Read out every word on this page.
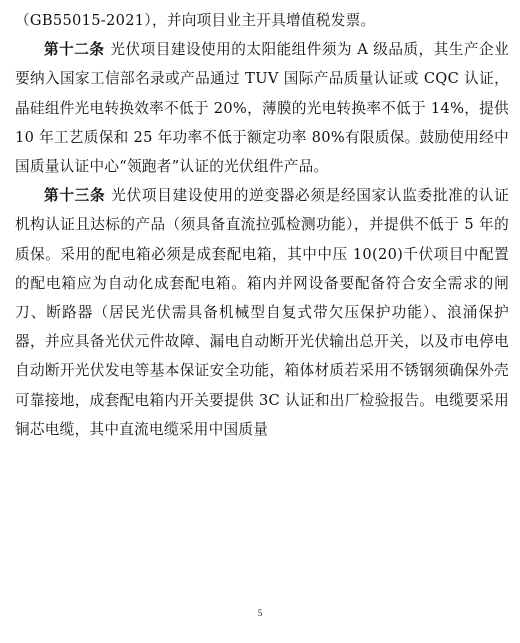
（GB55015-2021），并向项目业主开具增值税发票。

第十二条 光伏项目建设使用的太阳能组件须为 A 级品质，其生产企业要纳入国家工信部名录或产品通过 TUV 国际产品质量认证或 CQC 认证，晶硅组件光电转换效率不低于 20%，薄膜的光电转换率不低于 14%，提供 10 年工艺质保和 25 年功率不低于额定功率 80%有限质保。鼓励使用经中国质量认证中心“领跑者”认证的光伏组件产品。

第十三条 光伏项目建设使用的逆变器必须是经国家认监委批准的认证机构认证且达标的产品（须具备直流拉弧检测功能），并提供不低于 5 年的质保。采用的配电箱必须是成套配电箱，其中中压 10(20)千伏项目中配置的配电箱应为自动化成套配电箱。箱内并网设备要配备符合安全需求的闸刀、断路器（居民光伏需具备机械型自复式带欠压保护功能）、浪涌保护器，并应具备光伏元件故障、漏电自动断开光伏输出总开关，以及市电停电自动断开光伏发电等基本保证安全功能，箱体材质若采用不锈钢须确保外壳可靠接地，成套配电箱内开关要提供 3C 认证和出厂检验报告。电缆要采用铜芯电缆，其中直流电缆采用中国质量

5
